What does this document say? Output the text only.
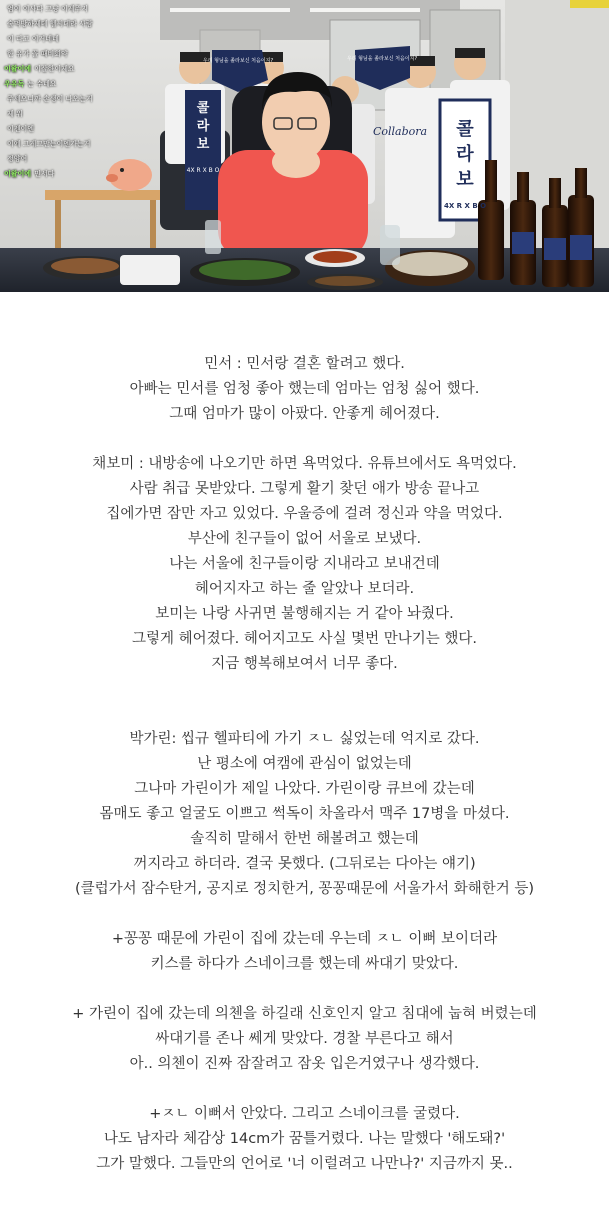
콜
라
보
콜
라
보
엄이 이사다 그냥 이게주지
술먹방하제데 헬씨데라 사람
이 다고 이거네네
한 유가 꼴 때비회약
이왈이에 이잘한이제요
우유독 는 수네요
주세오니까 손생이 나오는거
제 워
이젠이엔
이에 그게그만는이엔가는거
정양여
이왈이에 민서다
우리 형님을 졸라보신 처음이지?	우리 형님을 졸라보신 처음이지?
4X R X B O
4X R X B O
Collabora
민서 : 민서랑 결혼 할려고 했다.
아빠는 민서를 엄청 좋아 했는데 엄마는 엄청 싫어 했다.
그때 엄마가 많이 아팠다. 안좋게 헤어졌다.
채보미 : 내방송에 나오기만 하면 욕먹었다. 유튜브에서도 욕먹었다.
사람 취급 못받았다. 그렇게 활기 찾던 애가 방송 끝나고
집에가면 잠만 자고 있었다. 우울증에 걸려 정신과 약을 먹었다.
부산에 친구들이 없어 서울로 보냈다.
나는 서울에 친구들이랑 지내라고 보내건데
헤어지자고 하는 줄 알았나 보더라.
보미는 나랑 사귀면 불행해지는 거 같아 놔줬다.
그렇게 헤어졌다. 헤어지고도 사실 몇번 만나기는 했다.
지금 행복해보여서 너무 좋다.
박가린: 씹규 헬파티에 가기 ㅈㄴ 싫었는데 억지로 갔다.
난 평소에 여캠에 관심이 없었는데
그나마 가린이가 제일 나았다. 가린이랑 큐브에 갔는데
몸매도 좋고 얼굴도 이쁘고 썩독이 차올라서 맥주 17병을 마셨다.
솔직히 말해서 한번 해볼려고 했는데
꺼지라고 하더라. 결국 못했다. (그뒤로는 다아는 얘기)
(클럽가서 잠수탄거, 공지로 정치한거, 꽁꽁때문에 서울가서 화해한거 등)
+꽁꽁 때문에 가린이 집에 갔는데 우는데 ㅈㄴ 이뻐 보이더라
키스를 하다가 스네이크를 했는데 싸대기 맞았다.
+ 가린이 집에 갔는데 의첸을 하길래 신호인지 알고 침대에 눕혀 버렸는데
싸대기를 존나 쎄게 맞았다. 경찰 부른다고 해서
아.. 의첸이 진짜 잠잘려고 잠옷 입은거였구나 생각했다.
+ㅈㄴ 이뻐서 안았다. 그리고 스네이크를 굴렸다.
나도 남자라 체감상 14cm가 꿈틀거렸다. 나는 말했다 '해도돼?'
그가 말했다. 그들만의 언어로 '너 이럴려고 나만나?' 지금까지 못..
